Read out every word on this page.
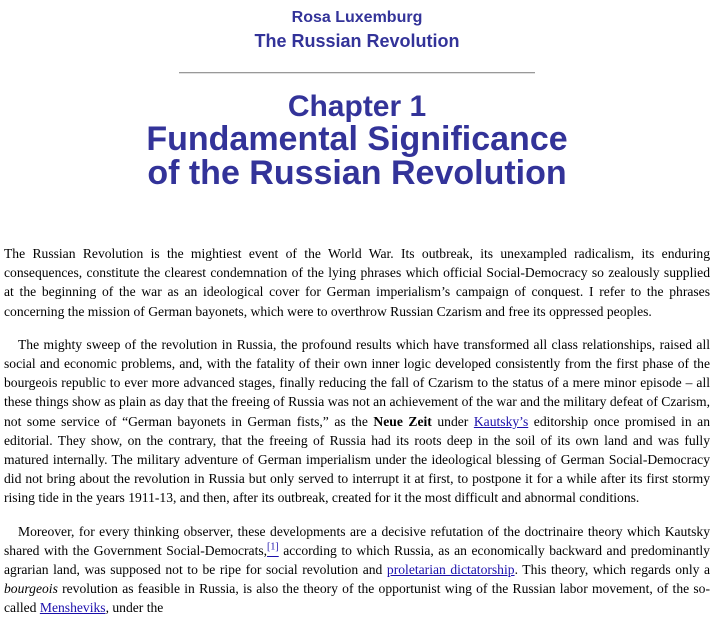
Rosa Luxemburg
The Russian Revolution
Chapter 1
Fundamental Significance
of the Russian Revolution

The Russian Revolution is the mightiest event of the World War. Its outbreak, its unexampled radicalism, its enduring consequences, constitute the clearest condemnation of the lying phrases which official Social-Democracy so zealously supplied at the beginning of the war as an ideological cover for German imperialism’s campaign of conquest. I refer to the phrases concerning the mission of German bayonets, which were to overthrow Russian Czarism and free its oppressed peoples.

The mighty sweep of the revolution in Russia, the profound results which have transformed all class relationships, raised all social and economic problems, and, with the fatality of their own inner logic developed consistently from the first phase of the bourgeois republic to ever more advanced stages, finally reducing the fall of Czarism to the status of a mere minor episode – all these things show as plain as day that the freeing of Russia was not an achievement of the war and the military defeat of Czarism, not some service of “German bayonets in German fists,” as the Neue Zeit under Kautsky’s editorship once promised in an editorial. They show, on the contrary, that the freeing of Russia had its roots deep in the soil of its own land and was fully matured internally. The military adventure of German imperialism under the ideological blessing of German Social-Democracy did not bring about the revolution in Russia but only served to interrupt it at first, to postpone it for a while after its first stormy rising tide in the years 1911-13, and then, after its outbreak, created for it the most difficult and abnormal conditions.

Moreover, for every thinking observer, these developments are a decisive refutation of the doctrinaire theory which Kautsky shared with the Government Social-Democrats,[1] according to which Russia, as an economically backward and predominantly agrarian land, was supposed not to be ripe for social revolution and proletarian dictatorship. This theory, which regards only a bourgeois revolution as feasible in Russia, is also the theory of the opportunist wing of the Russian labor movement, of the so-called Mensheviks, under the
